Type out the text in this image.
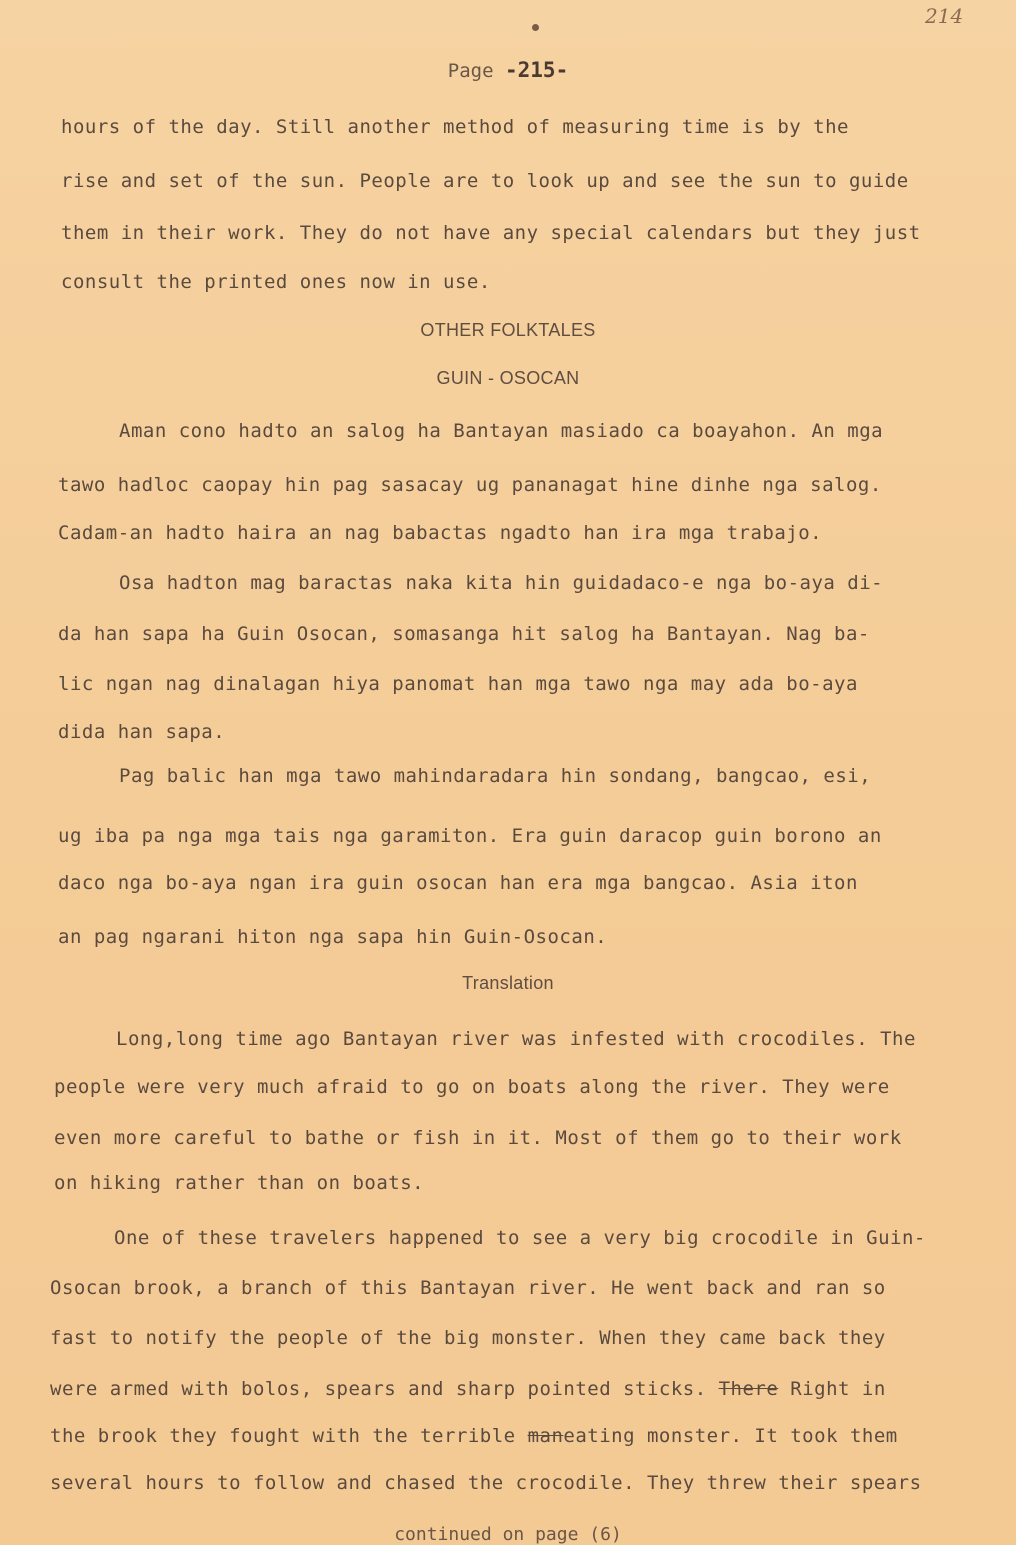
214
Page -215-
hours of the day. Still another method of measuring time is by the
rise and set of the sun. People are to look up and see the sun to guide
them in their work. They do not have any special calendars but they just
consult the printed ones now in use.
OTHER FOLKTALES
GUIN - OSOCAN
Aman cono hadto an salog ha Bantayan masiado ca boayahon. An mga
tawo hadloc caopay hin pag sasacay ug pananagat hine dinhe nga salog.
Cadam-an hadto haira an nag babactas ngadto han ira mga trabajo.
Osa hadton mag baractas naka kita hin guidadaco-e nga bo-aya di-
da han sapa ha Guin Osocan, somasanga hit salog ha Bantayan. Nag ba-
lic ngan nag dinalagan hiya panomat han mga tawo nga may ada bo-aya
dida han sapa.
Pag balic han mga tawo mahindaradara hin sondang, bangcao, esi,
ug iba pa nga mga tais nga garamiton. Era guin daracop guin borono an
daco nga bo-aya ngan ira guin osocan han era mga bangcao. Asia iton
an pag ngarani hiton nga sapa hin Guin-Osocan.
Translation
Long,long time ago Bantayan river was infested with crocodiles. The
people were very much afraid to go on boats along the river. They were
even more careful to bathe or fish in it. Most of them go to their work
on hiking rather than on boats.
One of these travelers happened to see a very big crocodile in Guin-
Osocan brook, a branch of this Bantayan river. He went back and ran so
fast to notify the people of the big monster. When they came back they
were armed with bolos, spears and sharp pointed sticks. There Right in
the brook they fought with the terrible maneating monster. It took them
several hours to follow and chased the crocodile. They threw their spears
continued on page (6)
